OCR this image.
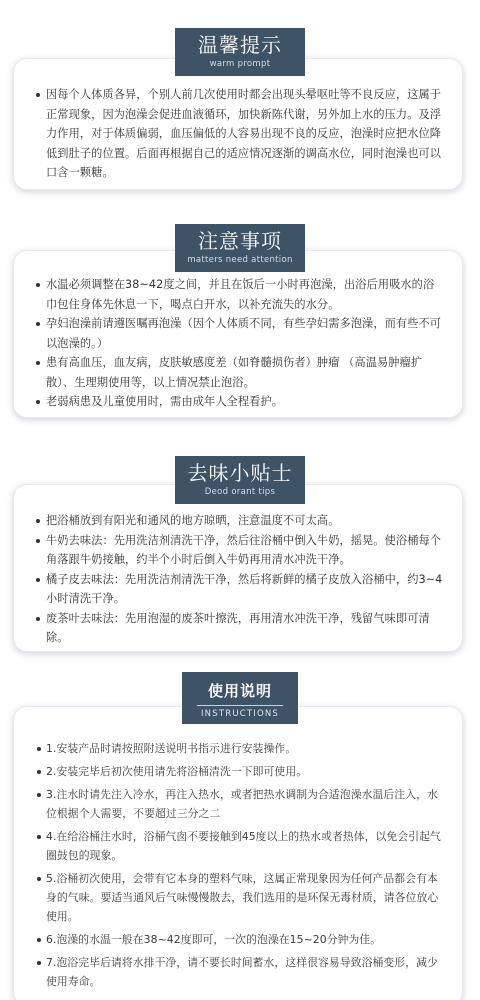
因每个人体质各异，个别人前几次使用时都会出现头晕呕吐等不良反应，这属于正常现象，因为泡澡会促进血液循环，加快新陈代谢，另外加上水的压力。及浮力作用，对于体质偏弱，血压偏低的人容易出现不良的反应，泡澡时应把水位降低到肚子的位置。后面再根据自己的适应情况逐渐的调高水位，同时泡澡也可以口含一颗糖。

温馨提示
warm prompt

水温必须调整在38~42度之间，并且在饭后一小时再泡澡，出浴后用吸水的浴巾包住身体先休息一下，喝点白开水，以补充流失的水分。

孕妇泡澡前请遵医嘱再泡澡（因个人体质不同，有些孕妇需多泡澡，而有些不可以泡澡的。）

患有高血压，血友病，皮肤敏感度差（如脊髓损伤者）肿瘤 （高温易肿瘤扩散）、生理期使用等，以上情况禁止泡浴。

老弱病患及儿童使用时，需由成年人全程看护。

注意事项
matters need attention

把浴桶放到有阳光和通风的地方晾晒，注意温度不可太高。

牛奶去味法：先用洗洁剂清洗干净，然后往浴桶中倒入牛奶，摇晃。使浴桶每个角落跟牛奶接触，约半个小时后倒入牛奶再用清水冲洗干净。

橘子皮去味法：先用洗洁剂清洗干净，然后将新鲜的橘子皮放入浴桶中，约3~4小时清洗干净。

废茶叶去味法：先用泡湿的废茶叶擦洗，再用清水冲洗干净，残留气味即可清除。

去味小贴士
Deod orant tips

1.安装产品时请按照附送说明书指示进行安装操作。

2.安装完毕后初次使用请先将浴桶清洗一下即可使用。

3.注水时请先注入冷水，再注入热水，或者把热水调制为合适泡澡水温后注入，水位根据个人需要，不要超过三分之二

4.在给浴桶注水时，浴桶气囱不要接触到45度以上的热水或者热体，以免会引起气圈鼓包的现象。

5.浴桶初次使用，会带有它本身的塑料气味，这属正常现象因为任何产品都会有本身的气味。要适当通风后气味慢慢散去，我们选用的是环保无毒材质，请各位放心使用。

6.泡澡的水温一般在38~42度即可，一次的泡澡在15~20分钟为佳。

7.泡浴完毕后请将水排干净，请不要长时间蓄水，这样很容易导致浴桶变形，减少使用寿命。

使用说明
INSTRUCTIONS
